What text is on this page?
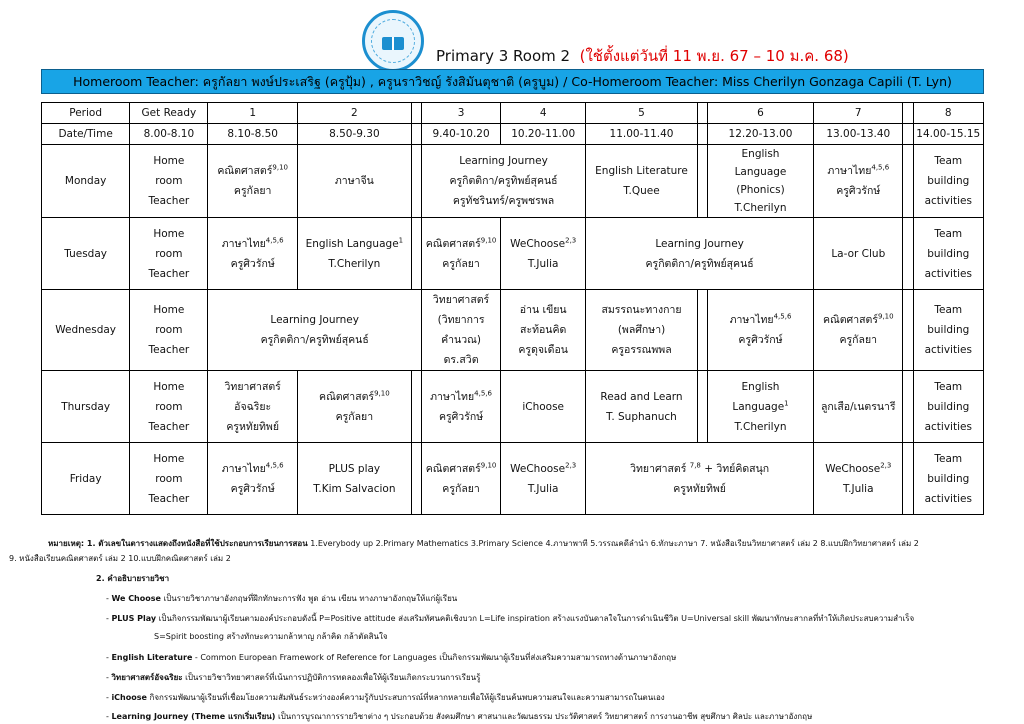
Primary 3 Room 2 (ใช้ตั้งแต่วันที่ 11 พ.ย. 67 – 10 ม.ค. 68)
Homeroom Teacher: ครูกัลยา พงษ์ประเสริฐ (ครูปุ้ม) , ครูนราวิชญ์ รังสิมันตุชาติ (ครูบูม) / Co-Homeroom Teacher: Miss Cherilyn Gonzaga Capili (T. Lyn)
Period	Get Ready	1	2		3	4	5		6	7		8
Date/Time	8.00-8.10	8.10-8.50	8.50-9.30		9.40-10.20	10.20-11.00	11.00-11.40		12.20-13.00	13.00-13.40		14.00-15.15
Monday	Home
room
Teacher	คณิตศาสตร์$^{9,10}$
ครูกัลยา	ภาษาจีน		Learning Journey
ครูกิตติกา/ครูทิพย์สุคนธ์
ครูทัชรินทร์/ครูพชรพล		English Literature
T.Quee		English
Language
(Phonics)
T.Cherilyn	ภาษาไทย$^{4,5,6}$
ครูศิวรักษ์		Team
building
activities

Tuesday	Home
room
Teacher	ภาษาไทย$^{4,5,6}$
ครูศิวรักษ์	English Language$^1$
T.Cherilyn		คณิตศาสตร์$^{9,10}$
ครูกัลยา	WeChoose$^{2,3}$
T.Julia	Learning Journey
ครูกิตติกา/ครูทิพย์สุคนธ์			La-or Club		Team
building
activities

Wednesday	Home
room
Teacher	Learning Journey
ครูกิตติกา/ครูทิพย์สุคนธ์			วิทยาศาสตร์
(วิทยาการคำนวณ)
ดร.สวิต	อ่าน เขียน
สะท้อนคิด
ครูดุจเดือน	สมรรถนะทางกาย
(พลศึกษา)
ครูอรรณพพล		ภาษาไทย$^{4,5,6}$
ครูศิวรักษ์	คณิตศาสตร์$^{9,10}$
ครูกัลยา		Team
building
activities

Thursday	Home
room
Teacher	วิทยาศาสตร์
อัจฉริยะ
ครูหทัยทิพย์	คณิตศาสตร์$^{9,10}$
ครูกัลยา		ภาษาไทย$^{4,5,6}$
ครูศิวรักษ์	iChoose	Read and Learn
T. Suphanuch		English
Language$^1$
T.Cherilyn	ลูกเสือ/เนตรนารี		Team
building
activities

Friday	Home
room
Teacher	ภาษาไทย$^{4,5,6}$
ครูศิวรักษ์	PLUS play
T.Kim Salvacion		คณิตศาสตร์$^{9,10}$
ครูกัลยา	WeChoose$^{2,3}$
T.Julia	วิทยาศาสตร์ $^{7,8}$ + วิทย์คิดสนุก
ครูหทัยทิพย์			WeChoose$^{2,3}$
T.Julia		Team
building
activities

หมายเหตุ: 1. ตัวเลขในตารางแสดงถึงหนังสือที่ใช้ประกอบการเรียนการสอน 1.Everybody up 2.Primary Mathematics 3.Primary Science 4.ภาษาพาที 5.วรรณคดีลำนำ 6.ทักษะภาษา 7. หนังสือเรียนวิทยาศาสตร์ เล่ม 2 8.แบบฝึกวิทยาศาสตร์ เล่ม 2

9. หนังสือเรียนคณิตศาสตร์ เล่ม 2 10.แบบฝึกคณิตศาสตร์ เล่ม 2

2. คำอธิบายรายวิชา

- We Choose เป็นรายวิชาภาษาอังกฤษที่ฝึกทักษะการฟัง พูด อ่าน เขียน ทางภาษาอังกฤษให้แก่ผู้เรียน
- PLUS Play เป็นกิจกรรมพัฒนาผู้เรียนตามองค์ประกอบดังนี้ P=Positive attitude ส่งเสริมทัศนคติเชิงบวก L=Life inspiration สร้างแรงบันดาลใจในการดำเนินชีวิต U=Universal skill พัฒนาทักษะสากลที่ทำให้เกิดประสบความสำเร็จ
S=Spirit boosting สร้างทักษะความกล้าหาญ กล้าคิด กล้าตัดสินใจ
- English Literature - Common European Framework of Reference for Languages เป็นกิจกรรมพัฒนาผู้เรียนที่ส่งเสริมความสามารถทางด้านภาษาอังกฤษ
- วิทยาศาสตร์อัจฉริยะ เป็นรายวิชาวิทยาศาสตร์ที่เน้นการปฏิบัติการทดลองเพื่อให้ผู้เรียนเกิดกระบวนการเรียนรู้
- iChoose กิจกรรมพัฒนาผู้เรียนที่เชื่อมโยงความสัมพันธ์ระหว่างองค์ความรู้กับประสบการณ์ที่หลากหลายเพื่อให้ผู้เรียนค้นพบความสนใจและความสามารถในตนเอง
- Learning Journey (Theme แรกเริ่มเรียน) เป็นการบูรณาการรายวิชาต่าง ๆ ประกอบด้วย สังคมศึกษา ศาสนาและวัฒนธรรม ประวัติศาสตร์ วิทยาศาสตร์ การงานอาชีพ สุขศึกษา ศิลปะ และภาษาอังกฤษ
